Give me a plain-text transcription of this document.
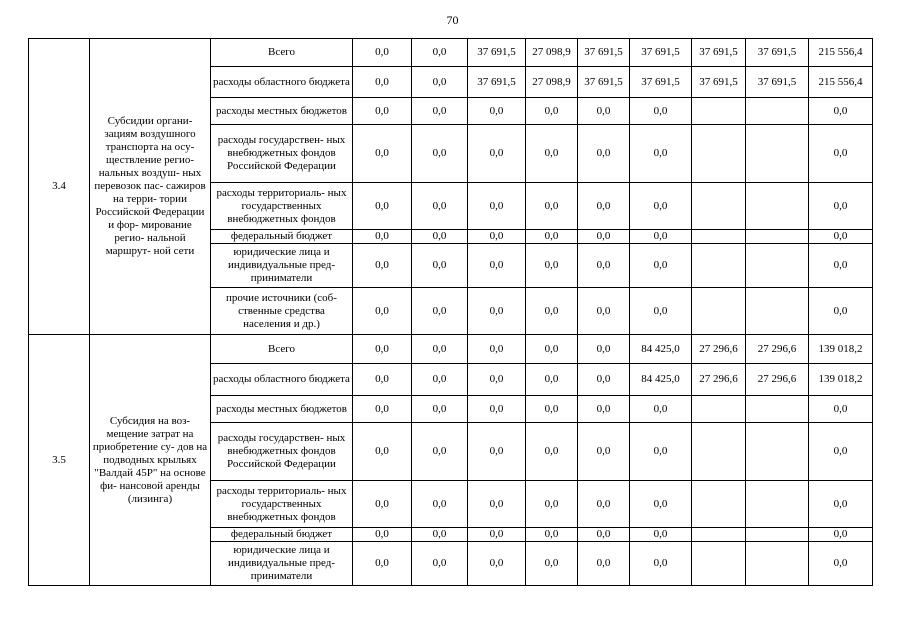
70
3.4	Субсидии органи- зациям воздушного транспорта на осу- ществление регио- нальных воздуш- ных перевозок пас- сажиров на терри- тории Российской Федерации и фор- мирование регио- нальной маршрут- ной сети	Всего	0,0	0,0	37 691,5	27 098,9	37 691,5	37 691,5	37 691,5	37 691,5	215 556,4
		расходы областного бюджета	0,0	0,0	37 691,5	27 098,9	37 691,5	37 691,5	37 691,5	37 691,5	215 556,4
		расходы местных бюджетов	0,0	0,0	0,0	0,0	0,0	0,0			0,0
		расходы государствен- ных внебюджетных фондов Российской Федерации	0,0	0,0	0,0	0,0	0,0	0,0			0,0
		расходы территориаль- ных государственных внебюджетных фондов	0,0	0,0	0,0	0,0	0,0	0,0			0,0
		федеральный бюджет	0,0	0,0	0,0	0,0	0,0	0,0			0,0
		юридические лица и индивидуальные пред- приниматели	0,0	0,0	0,0	0,0	0,0	0,0			0,0
		прочие источники (соб- ственные средства населения и др.)	0,0	0,0	0,0	0,0	0,0	0,0			0,0
3.5	Субсидия на воз- мещение затрат на приобретение су- дов на подводных крыльях "Валдай 45Р" на основе фи- нансовой аренды (лизинга)	Всего	0,0	0,0	0,0	0,0	0,0	84 425,0	27 296,6	27 296,6	139 018,2
		расходы областного бюджета	0,0	0,0	0,0	0,0	0,0	84 425,0	27 296,6	27 296,6	139 018,2
		расходы местных бюджетов	0,0	0,0	0,0	0,0	0,0	0,0			0,0
		расходы государствен- ных внебюджетных фондов Российской Федерации	0,0	0,0	0,0	0,0	0,0	0,0			0,0
		расходы территориаль- ных государственных внебюджетных фондов	0,0	0,0	0,0	0,0	0,0	0,0			0,0
		федеральный бюджет	0,0	0,0	0,0	0,0	0,0	0,0			0,0
		юридические лица и индивидуальные пред- приниматели	0,0	0,0	0,0	0,0	0,0	0,0			0,0
